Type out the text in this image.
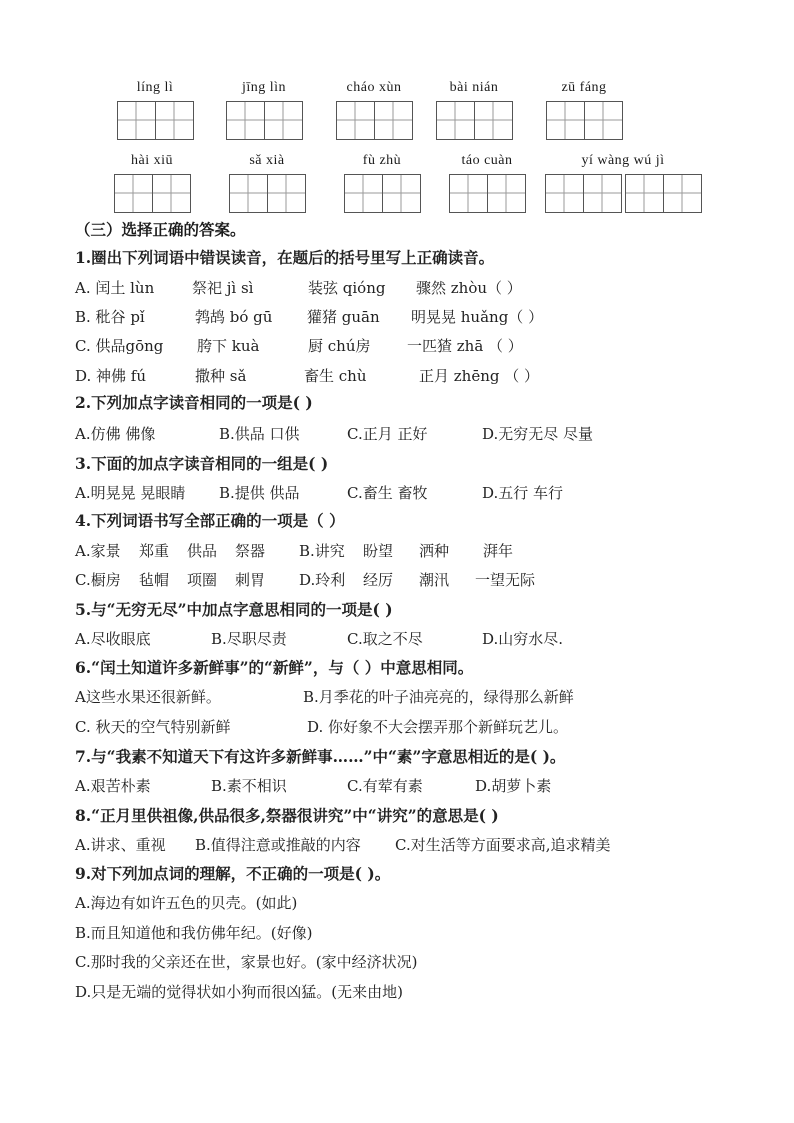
líng lì	jīng lìn	cháo xùn	bài nián	zū fáng
hài xiū	sǎ xià	fù zhù	táo cuàn	yí wàng wú jì
（三）选择正确的答案。
1.圈出下列词语中错误读音，在题后的括号里写上正确读音。
A. 闰土 lùn	祭祀 jì sì	装弦 qióng 骤然 zhòu（ ）
B. 秕谷 pǐ	鹁鸪 bó gū 獾猪 guān 明晃晃 huǎng（ ）
C. 供品gōng 胯下 kuà	厨 chú房 一匹猹 zhā （ ）
D. 神佛 fú	撒种 sǎ	畜生 chù	正月 zhēng （ ）
2.下列加点字读音相同的一项是( )
A.仿佛 佛像	B.供品 口供	C.正月 正好	D.无穷无尽 尽量
3.下面的加点字读音相同的一组是( )
A.明晃晃 晃眼睛 B.提供 供品	C.畜生 畜牧	D.五行 车行
4.下列词语书写全部正确的一项是（ ）
A.家景 郑重 供品 祭器 B.讲究 盼望 洒种 湃年
C.橱房 毡帽 项圈 刺胃 D.玲利 经厉 潮汛 一望无际
5.与“无穷无尽”中加点字意思相同的一项是( )
A.尽收眼底	B.尽职尽责	C.取之不尽	D.山穷水尽.
6.“闰土知道许多新鲜事”的“新鲜”，与（ ）中意思相同。
A这些水果还很新鲜。	B.月季花的叶子油亮亮的，绿得那么新鲜
C. 秋天的空气特别新鲜	D. 你好象不大会摆弄那个新鲜玩艺儿。
7.与“我素不知道天下有这许多新鲜事……”中“素”字意思相近的是( )。
A.艰苦朴素	B.素不相识	C.有荤有素	D.胡萝卜素
8.“正月里供祖像,供品很多,祭器很讲究”中“讲究”的意思是( )
A.讲求、重视 B.值得注意或推敲的内容 C.对生活等方面要求高,追求精美
9.对下列加点词的理解，不正确的一项是( )。
A.海边有如许五色的贝壳。(如此)
B.而且知道他和我仿佛年纪。(好像)
C.那时我的父亲还在世，家景也好。(家中经济状况)
D.只是无端的觉得状如小狗而很凶猛。(无来由地)
